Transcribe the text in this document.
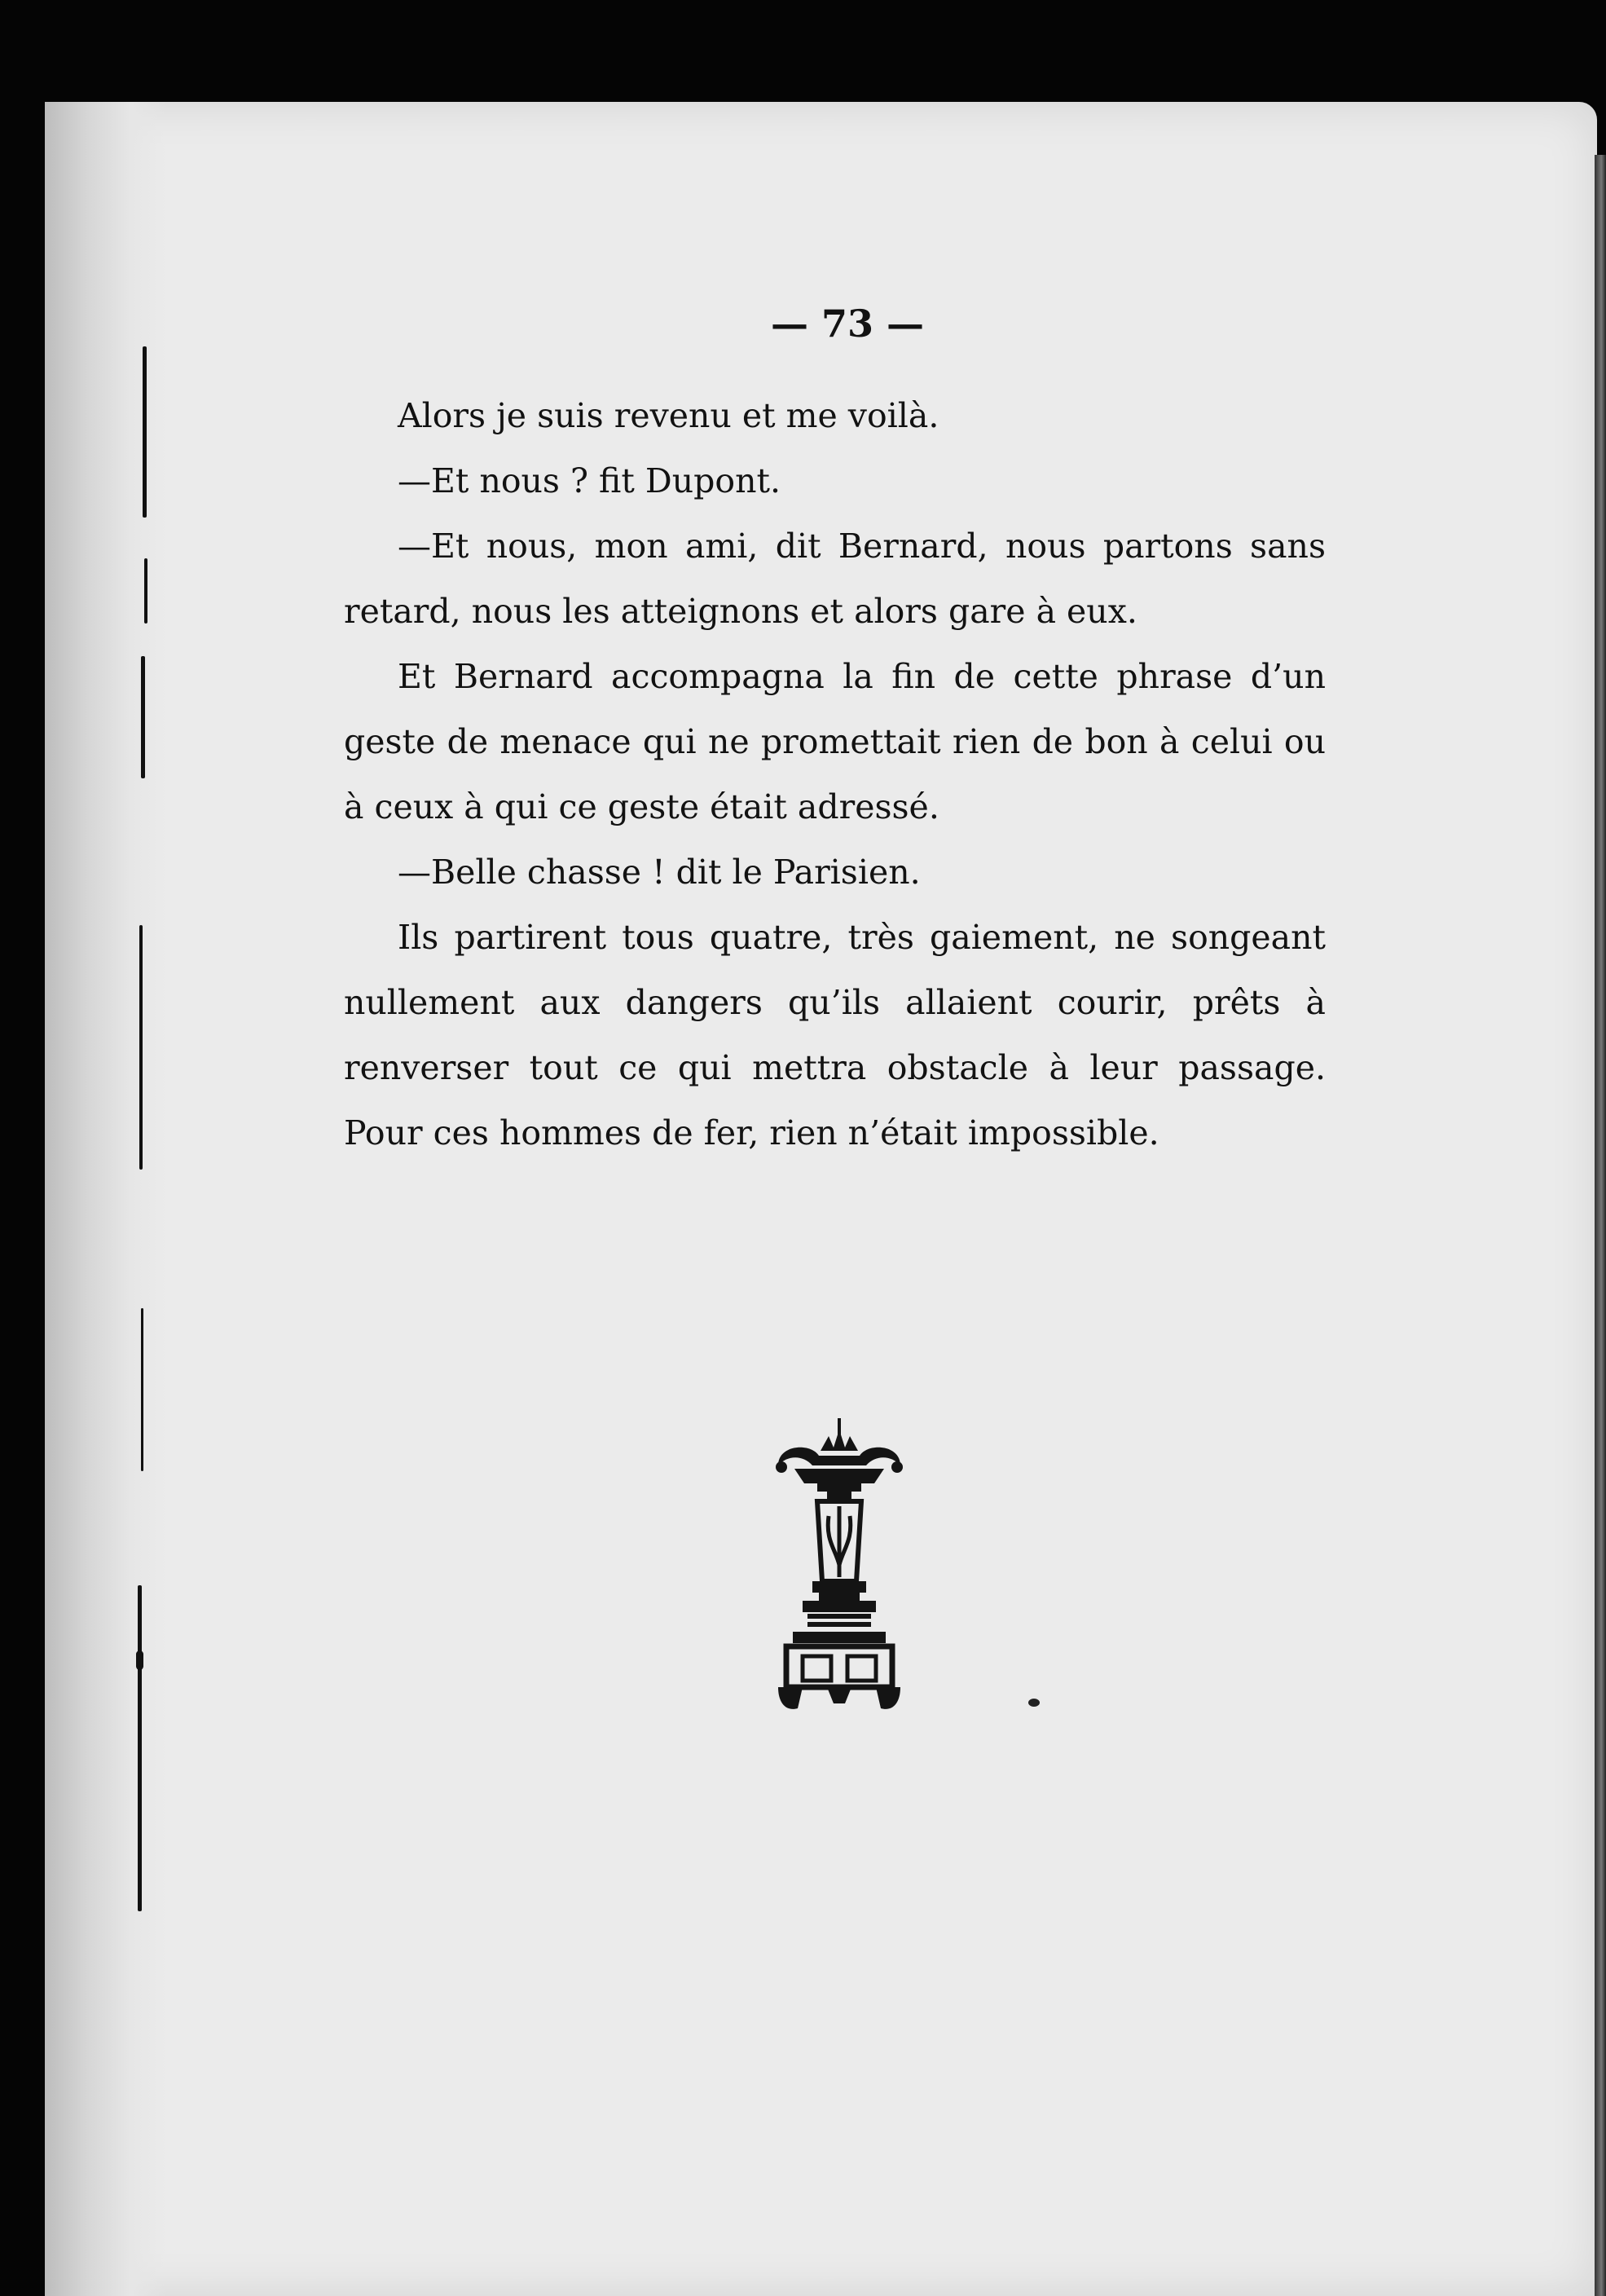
— 73 —

Alors je suis revenu et me voilà.

—Et nous ? fit Dupont.

—Et nous, mon ami, dit Bernard, nous partons sans retard, nous les atteignons et alors gare à eux.

Et Bernard accompagna la fin de cette phrase d’un geste de menace qui ne promettait rien de bon à celui ou à ceux à qui ce geste était adressé.

—Belle chasse ! dit le Parisien.

Ils partirent tous quatre, très gaiement, ne songeant nullement aux dangers qu’ils allaient courir, prêts à renverser tout ce qui mettra obstacle à leur passage. Pour ces hommes de fer, rien n’était impossible.
